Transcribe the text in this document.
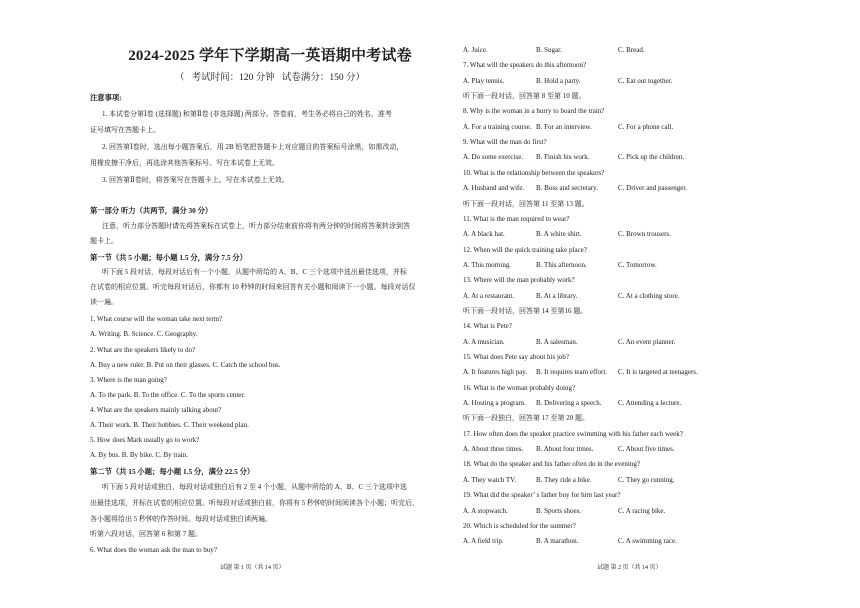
2024-2025 学年下学期高一英语期中考试卷
（   考试时间：120 分钟   试卷满分：150 分）
注意事项:
1. 本试卷分第Ⅰ卷 (选择题) 和第Ⅱ卷 (非选择题) 两部分。答卷前，考生务必将自己的姓名、准考
证号填写在答题卡上。
2. 回答第Ⅰ卷时，选出每小题答案后，用 2B 铅笔把答题卡上对应题目的答案标号涂黑，如需改动，
用橡皮擦干净后，再选涂其他答案标号。写在本试卷上无效。
3. 回答第Ⅱ卷时，将答案写在答题卡上。写在本试卷上无效。
第一部分 听力（共两节，满分 30 分）
注意，听力部分答题时请先将答案标在试卷上，听力部分结束前你将有两分钟的时间将答案转涂到答
题卡上。
第一节（共 5 小题；每小题 1.5 分，满分 7.5 分）
听下面 5 段对话，每段对话后有一个小题，从题中所给的 A、B、C 三个选项中选出最佳选项，并标
在试卷的相应位置。听完每段对话后，你都有 10 秒钟的时间来回答有关小题和阅读下一小题。每段对话仅
读一遍。
1. What course will the woman take next term?
A. Writing. B. Science. C. Geography.
2. What are the speakers likely to do?
A. Buy a new ruler. B. Put on their glasses. C. Catch the school bus.
3. Where is the man going?
A. To the park. B. To the office. C. To the sports center.
4. What are the speakers mainly talking about?
A. Their work. B. Their hobbies. C. Their weekend plan.
5. How does Mark usually go to work?
A. By bus. B. By bike. C. By train.
第二节（共 15 小题；每小题 1.5 分，满分 22.5 分）
听下面 5 段对话或独白，每段对话或独白后有 2 至 4 个小题，从题中所给的 A、B、C 三个选项中选
出最佳选项，并标在试卷的相应位置。听每段对话或独白前，你将有 5 秒钟的时间阅读各个小题；听完后，
各小题将给出 5 秒钟的作答时间。每段对话或独白读两遍。
听第六段对话，回答第 6 和第 7 题。
6. What does the woman ask the man to buy?
试题 第 1 页（共 14 页）
A. Juice.	B. Sugar.	C. Bread.
7. What will the speakers do this afternoon?
A. Play tennis.	B. Hold a party.	C. Eat out together.
听下面一段对话，回答第 8 至第 10 题。
8. Why is the woman in a hurry to board the train?
A. For a training course. B. For an interview.	C. For a phone call.
9. What will the man do first?
A. Do some exercise. B. Finish his work.	C. Pick up the children.
10. What is the relationship between the speakers?
A. Husband and wife. B. Boss and secretary.	C. Driver and passenger.
听下面一段对话，回答第 11 至第 13 题。
11. What is the man required to wear?
A. A black hat.	B. A white shirt.	C. Brown trousers.
12. When will the quick training take place?
A. This morning.	B. This afternoon.	C. Tomorrow.
13. Where will the man probably work?
A. At a restaurant.	B. At a library.	C. At a clothing store.
听下面一段对话，回答第 14 至第16 题。
14. What is Pete?
A. A musician.	B. A salesman.	C. An event planner.
15. What does Pete say about his job?
A. It features high pay. B. It requires team effort. C. It is targeted at teenagers.
16. What is the woman probably doing?
A. Hosting a program. B. Delivering a speech. C. Attending a lecture.
听下面一段独白，回答第 17 至第 20 题。
17. How often does the speaker practice swimming with his father each week?
A. About three times. B. About four times.	C. About five times.
18. What do the speaker and his father often do in the evening?
A. They watch TV.	B. They ride a bike.	C. They go running.
19. What did the speaker’ s father buy for him last year?
A. A stopwatch.	B. Sports shoes.	C. A racing bike.
20. Which is scheduled for the summer?
A. A field trip.	B. A marathon.	C. A swimming race.
试题 第 2 页（共 14 页）
